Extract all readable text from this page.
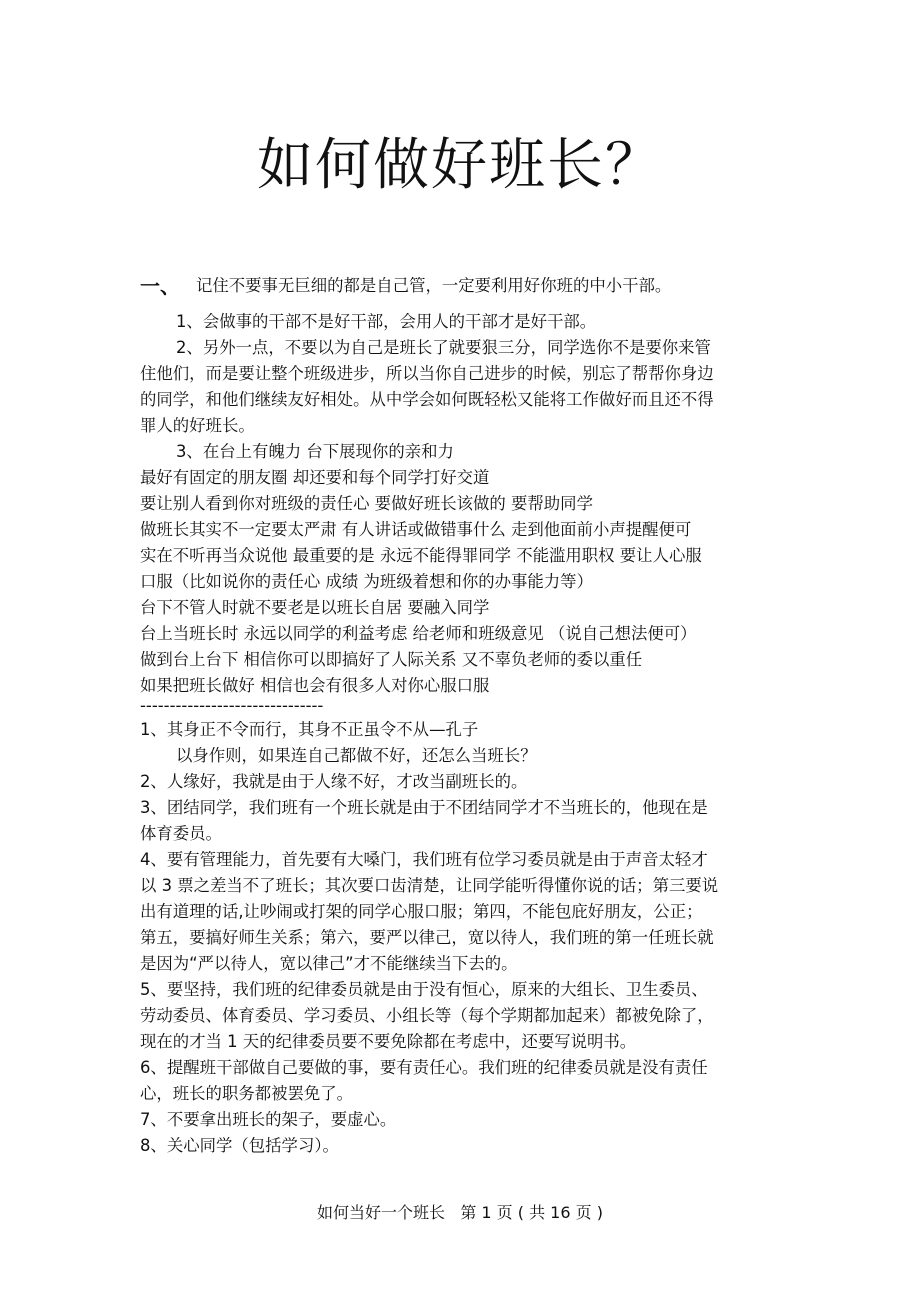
如何做好班长？
一、 记住不要事无巨细的都是自己管，一定要利用好你班的中小干部。

1、会做事的干部不是好干部，会用人的干部才是好干部。

2、另外一点，不要以为自己是班长了就要狠三分，同学选你不是要你来管

住他们，而是要让整个班级进步，所以当你自己进步的时候，别忘了帮帮你身边

的同学，和他们继续友好相处。从中学会如何既轻松又能将工作做好而且还不得

罪人的好班长。

3、在台上有魄力 台下展现你的亲和力

最好有固定的朋友圈 却还要和每个同学打好交道

要让别人看到你对班级的责任心 要做好班长该做的 要帮助同学

做班长其实不一定要太严肃 有人讲话或做错事什么 走到他面前小声提醒便可

实在不听再当众说他 最重要的是 永远不能得罪同学 不能滥用职权 要让人心服

口服（比如说你的责任心 成绩 为班级着想和你的办事能力等）

台下不管人时就不要老是以班长自居 要融入同学

台上当班长时 永远以同学的利益考虑 给老师和班级意见 （说自己想法便可）

做到台上台下 相信你可以即搞好了人际关系 又不辜负老师的委以重任

如果把班长做好 相信也会有很多人对你心服口服

-------------------------------

1、其身正不令而行，其身不正虽令不从—孔子

以身作则，如果连自己都做不好，还怎么当班长？

2、人缘好，我就是由于人缘不好，才改当副班长的。

3、团结同学，我们班有一个班长就是由于不团结同学才不当班长的，他现在是

体育委员。

4、要有管理能力，首先要有大嗓门，我们班有位学习委员就是由于声音太轻才

以 3 票之差当不了班长；其次要口齿清楚，让同学能听得懂你说的话；第三要说

出有道理的话,让吵闹或打架的同学心服口服；第四，不能包庇好朋友，公正；

第五，要搞好师生关系；第六，要严以律己，宽以待人，我们班的第一任班长就

是因为“严以待人，宽以律己”才不能继续当下去的。

5、要坚持，我们班的纪律委员就是由于没有恒心，原来的大组长、卫生委员、

劳动委员、体育委员、学习委员、小组长等（每个学期都加起来）都被免除了，

现在的才当 1 天的纪律委员要不要免除都在考虑中，还要写说明书。

6、提醒班干部做自己要做的事，要有责任心。我们班的纪律委员就是没有责任

心，班长的职务都被罢免了。

7、不要拿出班长的架子，要虚心。

8、关心同学（包括学习）。

如何当好一个班长 第 1 页 ( 共 16 页 )
